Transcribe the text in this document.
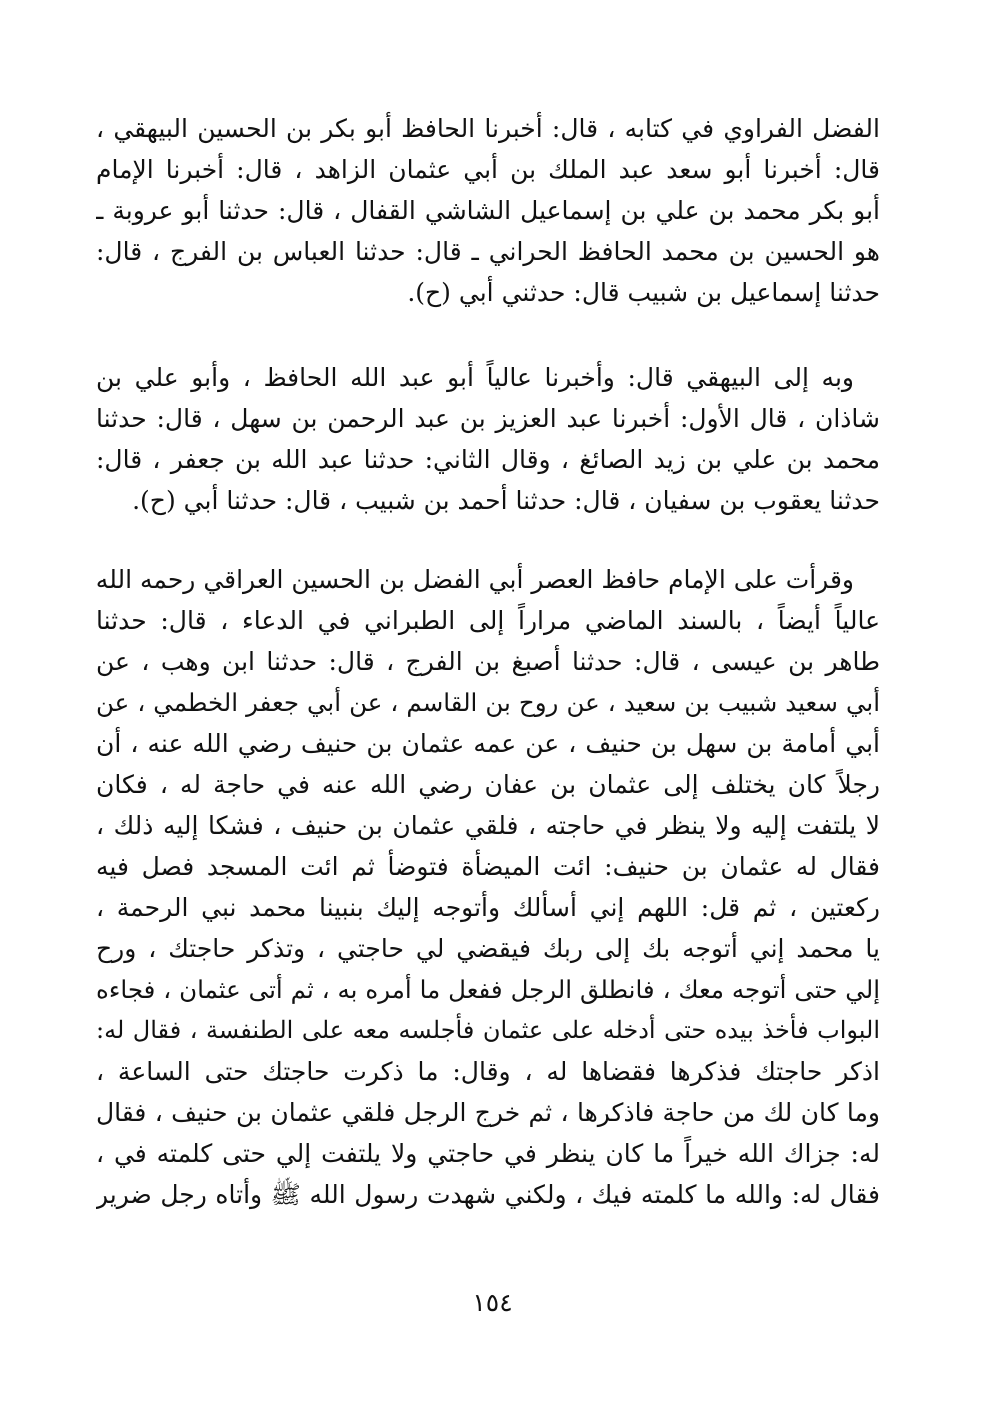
الفضل الفراوي في كتابه ، قال: أخبرنا الحافظ أبو بكر بن الحسين البيهقي ،
قال: أخبرنا أبو سعد عبد الملك بن أبي عثمان الزاهد ، قال: أخبرنا الإمام
أبو بكر محمد بن علي بن إسماعيل الشاشي القفال ، قال: حدثنا أبو عروبة ـ
هو الحسين بن محمد الحافظ الحراني ـ قال: حدثنا العباس بن الفرج ، قال:
حدثنا إسماعيل بن شبيب قال: حدثني أبي (ح).
وبه إلى البيهقي قال: وأخبرنا عالياً أبو عبد الله الحافظ ، وأبو علي بن
شاذان ، قال الأول: أخبرنا عبد العزيز بن عبد الرحمن بن سهل ، قال: حدثنا
محمد بن علي بن زيد الصائغ ، وقال الثاني: حدثنا عبد الله بن جعفر ، قال:
حدثنا يعقوب بن سفيان ، قال: حدثنا أحمد بن شبيب ، قال: حدثنا أبي (ح).
وقرأت على الإمام حافظ العصر أبي الفضل بن الحسين العراقي رحمه الله
عالياً أيضاً ، بالسند الماضي مراراً إلى الطبراني في الدعاء ، قال: حدثنا
طاهر بن عيسى ، قال: حدثنا أصبغ بن الفرج ، قال: حدثنا ابن وهب ، عن
أبي سعيد شبيب بن سعيد ، عن روح بن القاسم ، عن أبي جعفر الخطمي ، عن
أبي أمامة بن سهل بن حنيف ، عن عمه عثمان بن حنيف رضي الله عنه ، أن
رجلاً كان يختلف إلى عثمان بن عفان رضي الله عنه في حاجة له ، فكان
لا يلتفت إليه ولا ينظر في حاجته ، فلقي عثمان بن حنيف ، فشكا إليه ذلك ،
فقال له عثمان بن حنيف: ائت الميضأة فتوضأ ثم ائت المسجد فصل فيه
ركعتين ، ثم قل: اللهم إني أسألك وأتوجه إليك بنبينا محمد نبي الرحمة ،
يا محمد إني أتوجه بك إلى ربك فيقضي لي حاجتي ، وتذكر حاجتك ، ورح
إلي حتى أتوجه معك ، فانطلق الرجل ففعل ما أمره به ، ثم أتى عثمان ، فجاءه
البواب فأخذ بيده حتى أدخله على عثمان فأجلسه معه على الطنفسة ، فقال له:
اذكر حاجتك فذكرها فقضاها له ، وقال: ما ذكرت حاجتك حتى الساعة ،
وما كان لك من حاجة فاذكرها ، ثم خرج الرجل فلقي عثمان بن حنيف ، فقال
له: جزاك الله خيراً ما كان ينظر في حاجتي ولا يلتفت إلي حتى كلمته في ،
فقال له: والله ما كلمته فيك ، ولكني شهدت رسول الله ﷺ وأتاه رجل ضرير
١٥٤
